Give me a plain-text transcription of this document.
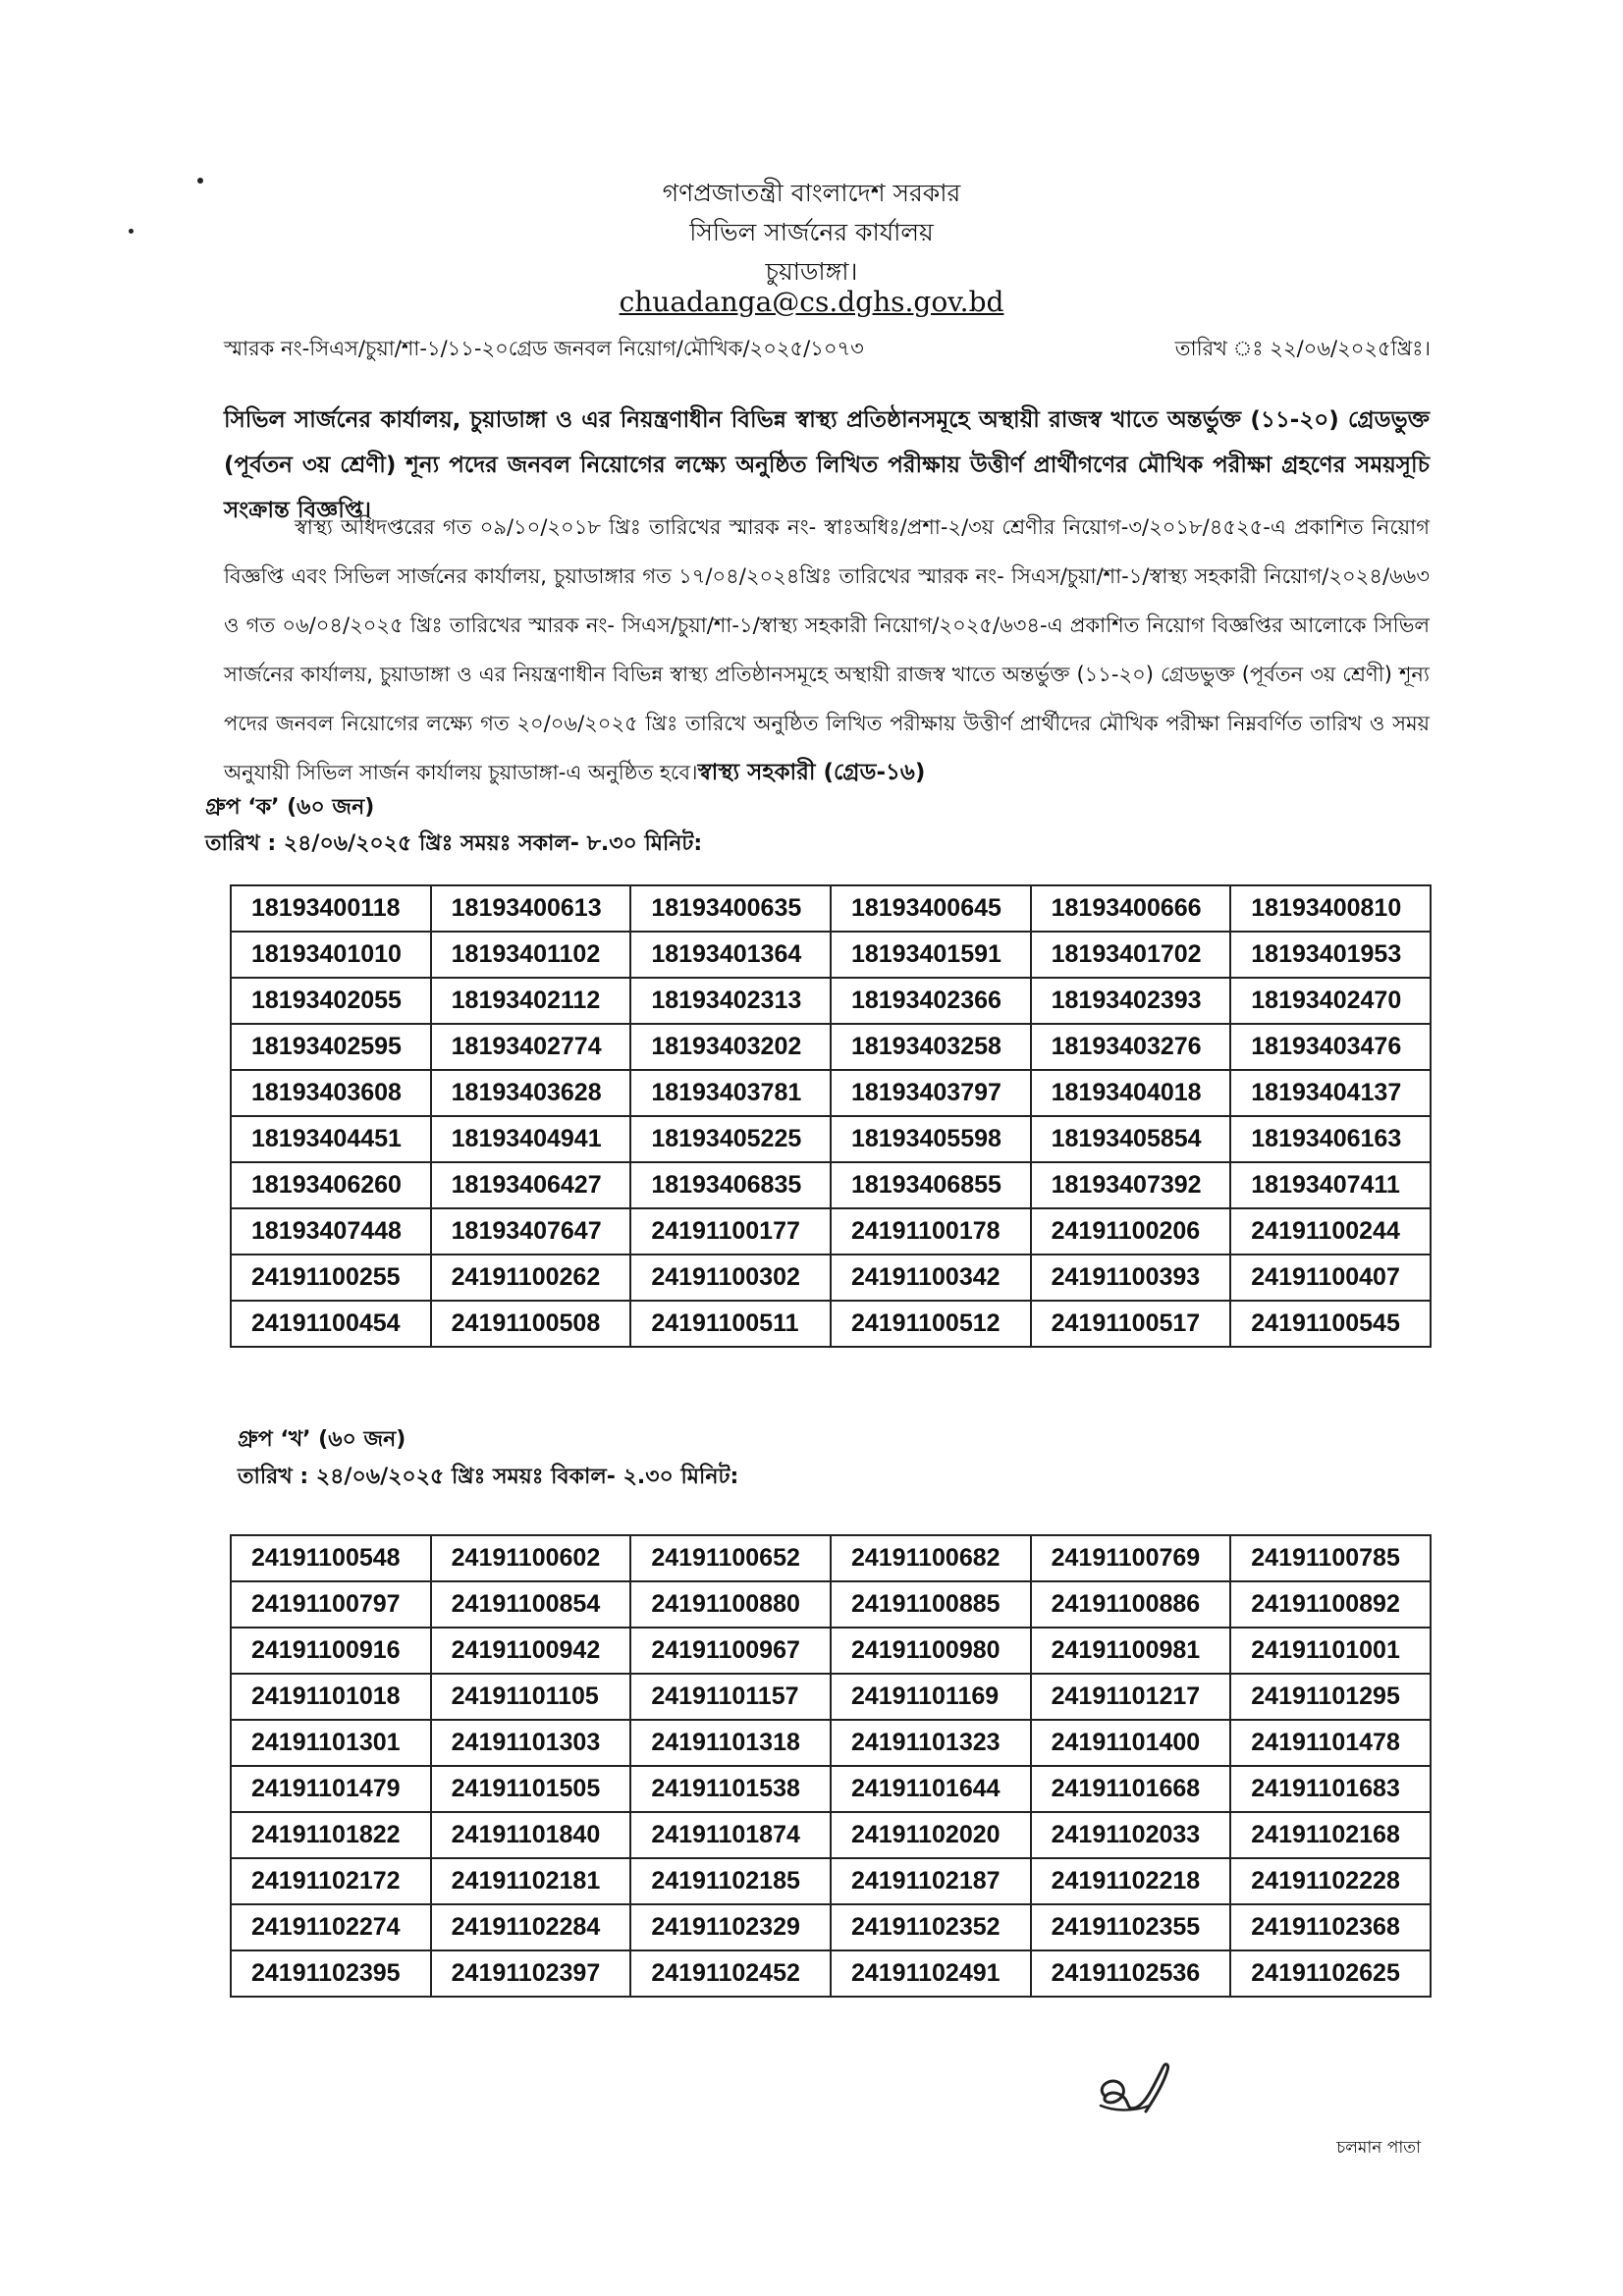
গণপ্রজাতন্ত্রী বাংলাদেশ সরকার
সিভিল সার্জনের কার্যালয়
চুয়াডাঙ্গা।
chuadanga@cs.dghs.gov.bd
স্মারক নং-সিএস/চুয়া/শা-১/১১-২০গ্রেড জনবল নিয়োগ/মৌখিক/২০২৫/১০৭৩	তারিখ ঃ ২২/০৬/২০২৫খ্রিঃ।
সিভিল সার্জনের কার্যালয়, চুয়াডাঙ্গা ও এর নিয়ন্ত্রণাধীন বিভিন্ন স্বাস্থ্য প্রতিষ্ঠানসমূহে অস্থায়ী রাজস্ব খাতে অন্তর্ভুক্ত (১১-২০) গ্রেডভুক্ত (পূর্বতন ৩য় শ্রেণী) শূন্য পদের জনবল নিয়োগের লক্ষ্যে অনুষ্ঠিত লিখিত পরীক্ষায় উত্তীর্ণ প্রার্থীগণের মৌখিক পরীক্ষা গ্রহণের সময়সূচি সংক্রান্ত বিজ্ঞপ্তি।
স্বাস্থ্য অধিদপ্তরের গত ০৯/১০/২০১৮ খ্রিঃ তারিখের স্মারক নং- স্বাঃঅধিঃ/প্রশা-২/৩য় শ্রেণীর নিয়োগ-৩/২০১৮/৪৫২৫-এ প্রকাশিত নিয়োগ বিজ্ঞপ্তি এবং সিভিল সার্জনের কার্যালয়, চুয়াডাঙ্গার গত ১৭/০৪/২০২৪খ্রিঃ তারিখের স্মারক নং- সিএস/চুয়া/শা-১/স্বাস্থ্য সহকারী নিয়োগ/২০২৪/৬৬৩ ও গত ০৬/০৪/২০২৫ খ্রিঃ তারিখের স্মারক নং- সিএস/চুয়া/শা-১/স্বাস্থ্য সহকারী নিয়োগ/২০২৫/৬৩৪-এ প্রকাশিত নিয়োগ বিজ্ঞপ্তির আলোকে সিভিল সার্জনের কার্যালয়, চুয়াডাঙ্গা ও এর নিয়ন্ত্রণাধীন বিভিন্ন স্বাস্থ্য প্রতিষ্ঠানসমূহে অস্থায়ী রাজস্ব খাতে অন্তর্ভুক্ত (১১-২০) গ্রেডভুক্ত (পূর্বতন ৩য় শ্রেণী) শূন্য পদের জনবল নিয়োগের লক্ষ্যে গত ২০/০৬/২০২৫ খ্রিঃ তারিখে অনুষ্ঠিত লিখিত পরীক্ষায় উত্তীর্ণ প্রার্থীদের মৌখিক পরীক্ষা নিম্নবর্ণিত তারিখ ও সময় অনুযায়ী সিভিল সার্জন কার্যালয় চুয়াডাঙ্গা-এ অনুষ্ঠিত হবে। স্বাস্থ্য সহকারী (গ্রেড-১৬)
গ্রুপ ‘ক’ (৬০ জন)
তারিখ : ২৪/০৬/২০২৫ খ্রিঃ সময়ঃ সকাল- ৮.৩০ মিনিট:
18193400118	18193400613	18193400635	18193400645	18193400666	18193400810
18193401010	18193401102	18193401364	18193401591	18193401702	18193401953
18193402055	18193402112	18193402313	18193402366	18193402393	18193402470
18193402595	18193402774	18193403202	18193403258	18193403276	18193403476
18193403608	18193403628	18193403781	18193403797	18193404018	18193404137
18193404451	18193404941	18193405225	18193405598	18193405854	18193406163
18193406260	18193406427	18193406835	18193406855	18193407392	18193407411
18193407448	18193407647	24191100177	24191100178	24191100206	24191100244
24191100255	24191100262	24191100302	24191100342	24191100393	24191100407
24191100454	24191100508	24191100511	24191100512	24191100517	24191100545
গ্রুপ ‘খ’ (৬০ জন)
তারিখ : ২৪/০৬/২০২৫ খ্রিঃ সময়ঃ বিকাল- ২.৩০ মিনিট:
24191100548	24191100602	24191100652	24191100682	24191100769	24191100785
24191100797	24191100854	24191100880	24191100885	24191100886	24191100892
24191100916	24191100942	24191100967	24191100980	24191100981	24191101001
24191101018	24191101105	24191101157	24191101169	24191101217	24191101295
24191101301	24191101303	24191101318	24191101323	24191101400	24191101478
24191101479	24191101505	24191101538	24191101644	24191101668	24191101683
24191101822	24191101840	24191101874	24191102020	24191102033	24191102168
24191102172	24191102181	24191102185	24191102187	24191102218	24191102228
24191102274	24191102284	24191102329	24191102352	24191102355	24191102368
24191102395	24191102397	24191102452	24191102491	24191102536	24191102625
চলমান পাতা
